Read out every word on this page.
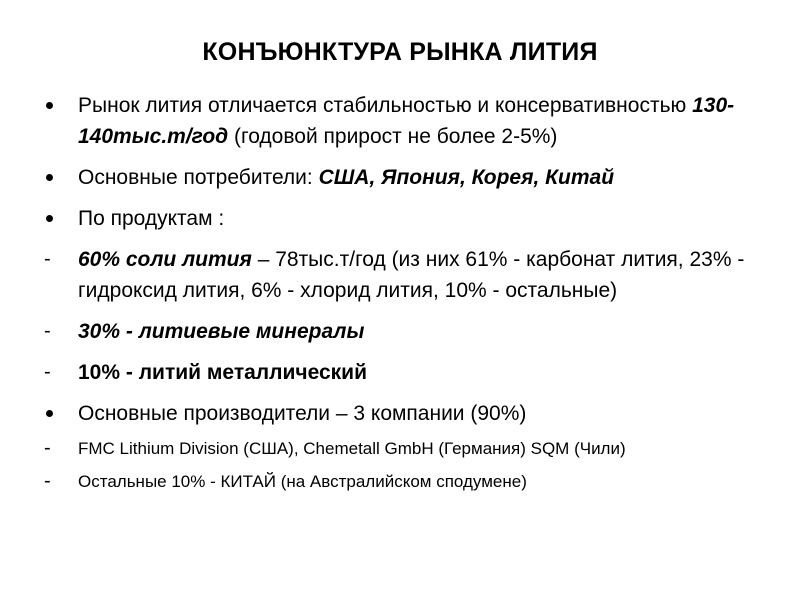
КОНЪЮНКТУРА РЫНКА ЛИТИЯ
Рынок лития отличается стабильностью и консервативностью 130-140тыс.т/год (годовой прирост не более 2-5%)
Основные потребители: США, Япония, Корея, Китай
По продуктам :
-	60% соли лития – 78тыс.т/год (из них 61% - карбонат лития, 23% - гидроксид лития, 6% - хлорид лития, 10% - остальные)
-	30% - литиевые минералы
-	10% - литий металлический
Основные производители – 3 компании (90%)
-	FMC Lithium Division (США), Chemetall GmbH (Германия) SQM (Чили)
-	Остальные 10% - КИТАЙ (на Австралийском сподумене)
